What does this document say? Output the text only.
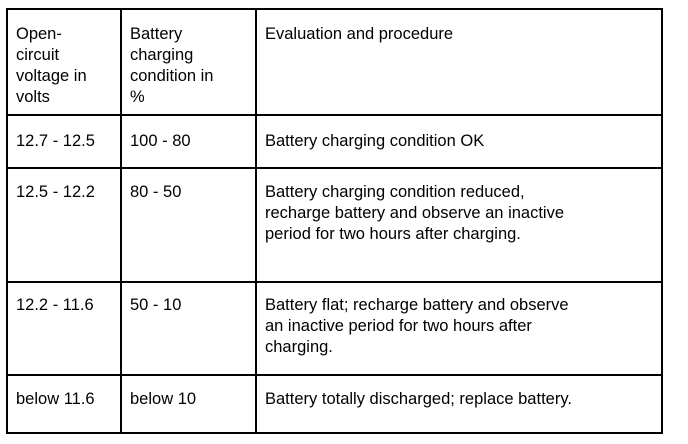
Open-
circuit
voltage in
volts	Battery
charging
condition in
%	Evaluation and procedure
12.7 - 12.5	100 - 80	Battery charging condition OK
12.5 - 12.2	80 - 50	Battery charging condition reduced,
recharge battery and observe an inactive
period for two hours after charging.
12.2 - 11.6	50 - 10	Battery flat; recharge battery and observe
an inactive period for two hours after
charging.
below 11.6	below 10	Battery totally discharged; replace battery.
